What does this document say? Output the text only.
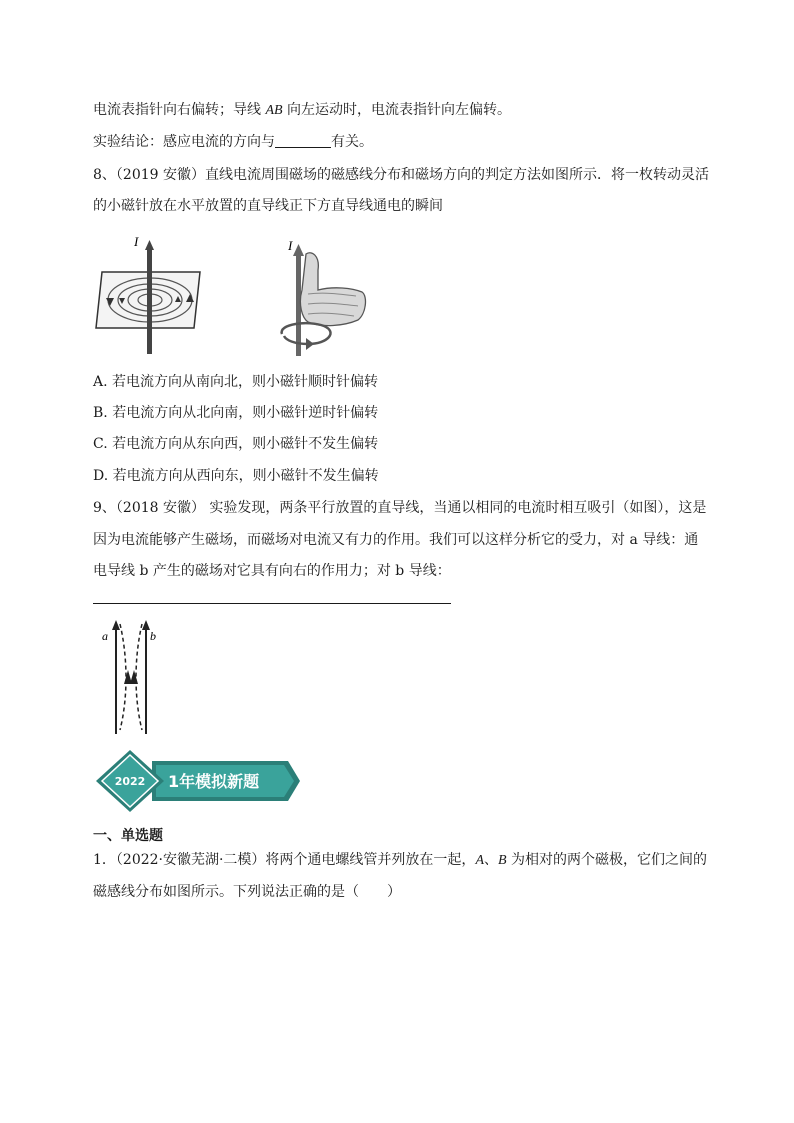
电流表指针向右偏转；导线 AB 向左运动时，电流表指针向左偏转。
实验结论：感应电流的方向与	有关。
8、（2019 安徽）直线电流周围磁场的磁感线分布和磁场方向的判定方法如图所示．将一枚转动灵活
的小磁针放在水平放置的直导线正下方直导线通电的瞬间
I	I
A. 若电流方向从南向北，则小磁针顺时针偏转
B. 若电流方向从北向南，则小磁针逆时针偏转
C. 若电流方向从东向西，则小磁针不发生偏转
D. 若电流方向从西向东，则小磁针不发生偏转
9、（2018 安徽） 实验发现，两条平行放置的直导线，当通以相同的电流时相互吸引（如图），这是
因为电流能够产生磁场，而磁场对电流又有力的作用。我们可以这样分析它的受力，对 a 导线：通
电导线 b 产生的磁场对它具有向右的作用力；对 b 导线：
a	b
2022 1年模拟新题
一、单选题
1．（2022·安徽芜湖·二模）将两个通电螺线管并列放在一起，A、B 为相对的两个磁极，它们之间的
磁感线分布如图所示。下列说法正确的是（　　）
